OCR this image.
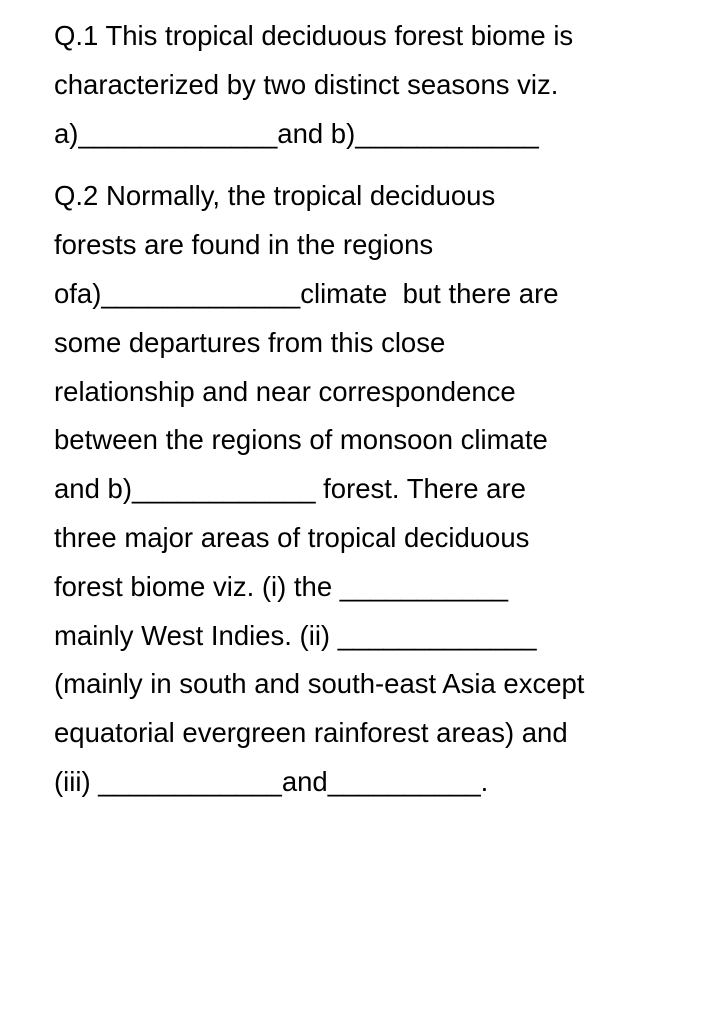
Q.1 This tropical deciduous forest biome is
characterized by two distinct seasons viz.
a)_____________and b)____________
Q.2 Normally, the tropical deciduous
forests are found in the regions
ofa)_____________climate  but there are
some departures from this close
relationship and near correspondence
between the regions of monsoon climate
and b)____________ forest. There are
three major areas of tropical deciduous
forest biome viz. (i) the ___________
mainly West Indies. (ii) _____________
(mainly in south and south-east Asia except
equatorial evergreen rainforest areas) and
(iii) ____________and__________.
